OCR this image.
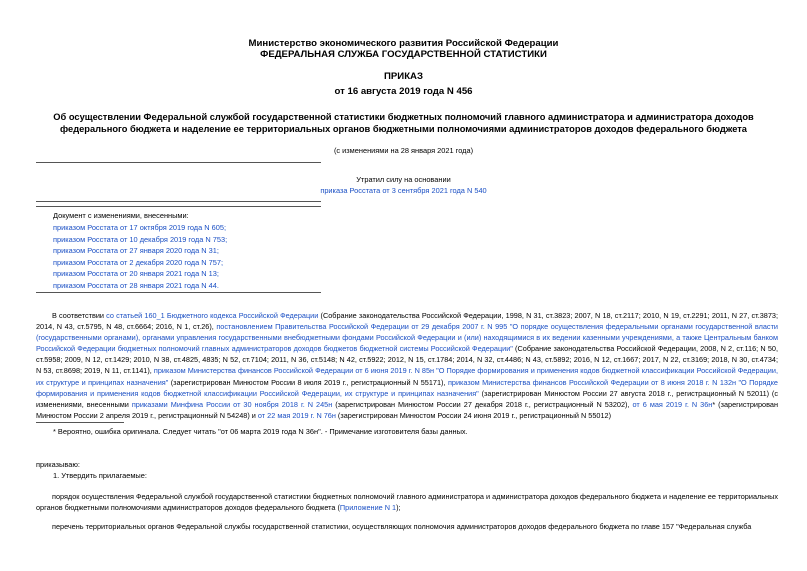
Министерство экономического развития Российской Федерации
ФЕДЕРАЛЬНАЯ СЛУЖБА ГОСУДАРСТВЕННОЙ СТАТИСТИКИ
ПРИКАЗ
от 16 августа 2019 года N 456
Об осуществлении Федеральной службой государственной статистики бюджетных полномочий главного администратора и администратора доходов
федерального бюджета и наделение ее территориальных органов бюджетными полномочиями администраторов доходов федерального бюджета
(с изменениями на 28 января 2021 года)
Утратил силу на основании
приказа Росстата от 3 сентября 2021 года N 540
Документ с изменениями, внесенными:
приказом Росстата от 17 октября 2019 года N 605;
приказом Росстата от 10 декабря 2019 года N 753;
приказом Росстата от 27 января 2020 года N 31;
приказом Росстата от 2 декабря 2020 года N 757;
приказом Росстата от 20 января 2021 года N 13;
приказом Росстата от 28 января 2021 года N 44.
В соответствии со статьей 160_1 Бюджетного кодекса Российской Федерации (Собрание законодательства Российской Федерации, 1998, N 31, ст.3823; 2007, N 18, ст.2117; 2010, N 19, ст.2291; 2011, N 27, ст.3873; 2014, N 43, ст.5795, N 48, ст.6664; 2016, N 1, ст.26), постановлением Правительства Российской Федерации от 29 декабря 2007 г. N 995 "О порядке осуществления федеральными органами государственной власти (государственными органами), органами управления государственными внебюджетными фондами Российской Федерации и (или) находящимися в их ведении казенными учреждениями, а также Центральным банком Российской Федерации бюджетных полномочий главных администраторов доходов бюджетов бюджетной системы Российской Федерации" (Собрание законодательства Российской Федерации, 2008, N 2, ст.116; N 50, ст.5958; 2009, N 12, ст.1429; 2010, N 38, ст.4825, 4835; N 52, ст.7104; 2011, N 36, ст.5148; N 42, ст.5922; 2012, N 15, ст.1784; 2014, N 32, ст.4486; N 43, ст.5892; 2016, N 12, ст.1667; 2017, N 22, ст.3169; 2018, N 30, ст.4734; N 53, ст.8698; 2019, N 11, ст.1141), приказом Министерства финансов Российской Федерации от 6 июня 2019 г. N 85н "О Порядке формирования и применения кодов бюджетной классификации Российской Федерации, их структуре и принципах назначения" (зарегистрирован Минюстом России 8 июля 2019 г., регистрационный N 55171), приказом Министерства финансов Российской Федерации от 8 июня 2018 г. N 132н "О Порядке формирования и применения кодов бюджетной классификации Российской Федерации, их структуре и принципах назначения" (зарегистрирован Минюстом России 27 августа 2018 г., регистрационный N 52011) (с изменениями, внесенными приказами Минфина России от 30 ноября 2018 г. N 245н (зарегистрирован Минюстом России 27 декабря 2018 г., регистрационный N 53202), от 6 мая 2019 г. N 36н* (зарегистрирован Минюстом России 2 апреля 2019 г., регистрационный N 54248) и от 22 мая 2019 г. N 76н (зарегистрирован Минюстом России 24 июня 2019 г., регистрационный N 55012)
* Вероятно, ошибка оригинала. Следует читать "от 06 марта 2019 года N 36н". - Примечание изготовителя базы данных.
приказываю:
1. Утвердить прилагаемые:
порядок осуществления Федеральной службой государственной статистики бюджетных полномочий главного администратора и администратора доходов федерального бюджета и наделение ее территориальных органов бюджетными полномочиями администраторов доходов федерального бюджета (Приложение N 1);
перечень территориальных органов Федеральной службы государственной статистики, осуществляющих полномочия администраторов доходов федерального бюджета по главе 157 "Федеральная служба
